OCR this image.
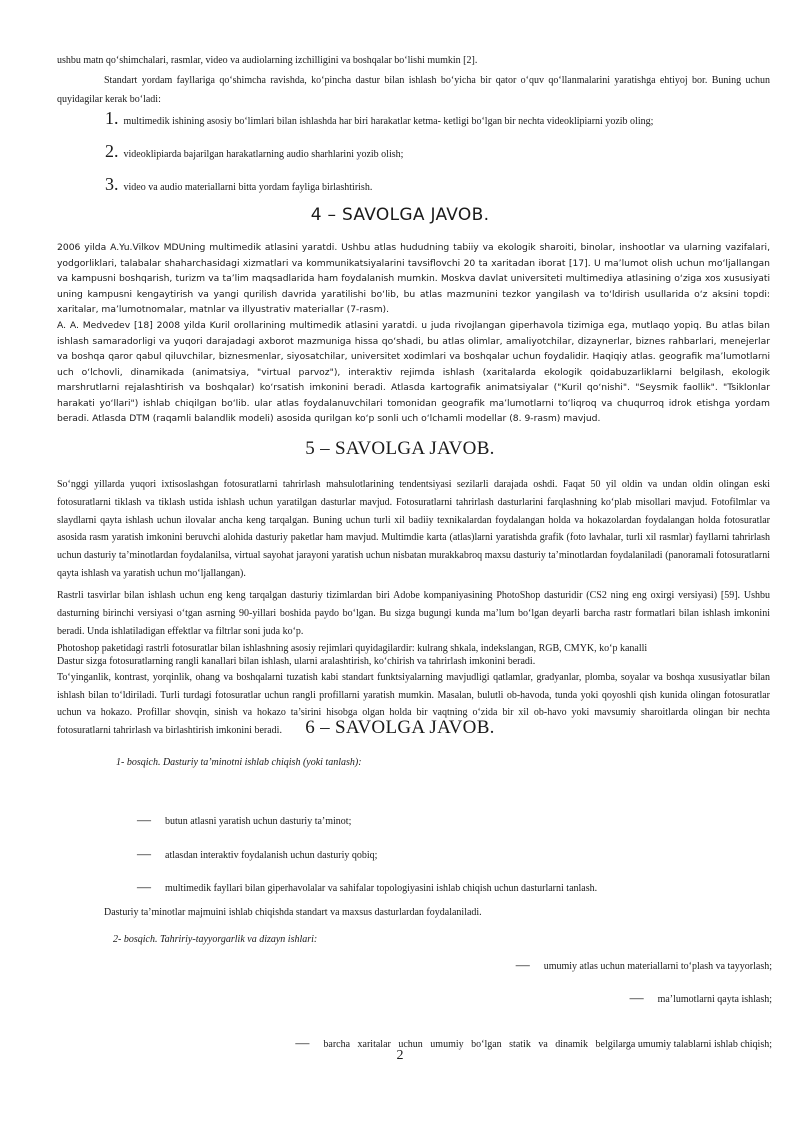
ushbu matn qo‘shimchalari, rasmlar, video va audiolarning izchilligini va boshqalar bo‘lishi mumkin [2].
Standart yordam fayllariga qo‘shimcha ravishda, ko‘pincha dastur bilan ishlash bo‘yicha bir qator o‘quv qo‘llanmalarini yaratishga ehtiyoj bor. Buning uchun quyidagilar kerak bo‘ladi:
1. multimedik ishining asosiy bo‘limlari bilan ishlashda har biri harakatlar ketma- ketligi bo‘lgan bir nechta videoklipiarni yozib oling;
2. videoklipiarda bajarilgan harakatlarning audio sharhlarini yozib olish;
3. video va audio materiallarni bitta yordam fayliga birlashtirish.
4 – SAVOLGA JAVOB.
2006 yilda A.Yu.Vilkov MDUning multimedik atlasini yaratdi. Ushbu atlas hududning tabiiy va ekologik sharoiti, binolar, inshootlar va ularning vazifalari, yodgorliklari, talabalar shaharchasidagi xizmatlari va kommunikatsiyalarini tavsiflovchi 20 ta xaritadan iborat [17]. U ma’lumot olish uchun mo‘ljallangan va kampusni boshqarish, turizm va ta’lim maqsadlarida ham foydalanish mumkin. Moskva davlat universiteti multimediya atlasining o‘ziga xos xususiyati uning kampusni kengaytirish va yangi qurilish davrida yaratilishi bo‘lib, bu atlas mazmunini tezkor yangilash va to‘ldirish usullarida o‘z aksini topdi: xaritalar, ma’lumotnomalar, matnlar va illyustrativ materiallar (7-rasm).
A. A. Medvedev [18] 2008 yilda Kuril orollarining multimedik atlasini yaratdi. u juda rivojlangan giperhavola tizimiga ega, mutlaqo yopiq. Bu atlas bilan ishlash samaradorligi va yuqori darajadagi axborot mazmuniga hissa qo‘shadi, bu atlas olimlar, amaliyotchilar, dizaynerlar, biznes rahbarlari, menejerlar va boshqa qaror qabul qiluvchilar, biznesmenlar, siyosatchilar, universitet xodimlari va boshqalar uchun foydalidir. Haqiqiy atlas. geografik ma’lumotlarni uch o‘lchovli, dinamikada (animatsiya, "virtual parvoz"), interaktiv rejimda ishlash (xaritalarda ekologik qoidabuzarliklarni belgilash, ekologik marshrutlarni rejalashtirish va boshqalar) ko‘rsatish imkonini beradi. Atlasda kartografik animatsiyalar ("Kuril qo‘nishi". "Seysmik faollik". "Tsiklonlar harakati yo‘llari") ishlab chiqilgan bo‘lib. ular atlas foydalanuvchilari tomonidan geografik ma’lumotlarni to‘liqroq va chuqurroq idrok etishga yordam beradi. Atlasda DTM (raqamli balandlik modeli) asosida qurilgan ko‘p sonli uch o‘lchamli modellar (8. 9-rasm) mavjud.
5 – SAVOLGA JAVOB.
So‘nggi yillarda yuqori ixtisoslashgan fotosuratlarni tahrirlash mahsulotlarining tendentsiyasi sezilarli darajada oshdi. Faqat 50 yil oldin va undan oldin olingan eski fotosuratlarni tiklash va tiklash ustida ishlash uchun yaratilgan dasturlar mavjud. Fotosuratlarni tahrirlash dasturlarini farqlashning ko‘plab misollari mavjud. Fotofilmlar va slaydlarni qayta ishlash uchun ilovalar ancha keng tarqalgan. Buning uchun turli xil badiiy texnikalardan foydalangan holda va hokazolardan foydalangan holda fotosuratlar asosida rasm yaratish imkonini beruvchi alohida dasturiy paketlar ham mavjud. Multimdie karta (atlas)larni yaratishda grafik (foto lavhalar, turli xil rasmlar) fayllarni tahrirlash uchun dasturiy ta’minotlardan foydalanilsa, virtual sayohat jarayoni yaratish uchun nisbatan murakkabroq maxsu dasturiy ta’minotlardan foydalaniladi (panoramali fotosuratlarni qayta ishlash va yaratish uchun mo‘ljallangan).
Rastrli tasvirlar bilan ishlash uchun eng keng tarqalgan dasturiy tizimlardan biri Adobe kompaniyasining PhotoShop dasturidir (CS2 ning eng oxirgi versiyasi) [59]. Ushbu dasturning birinchi versiyasi o‘tgan asrning 90-yillari boshida paydo bo‘lgan. Bu sizga bugungi kunda ma’lum bo‘lgan deyarli barcha rastr formatlari bilan ishlash imkonini beradi. Unda ishlatiladigan effektlar va filtrlar soni juda ko‘p.
Photoshop paketidagi rastrli fotosuratlar bilan ishlashning asosiy rejimlari quyidagilardir: kulrang shkala, indekslangan, RGB, CMYK, ko‘p kanalli
Dastur sizga fotosuratlarning rangli kanallari bilan ishlash, ularni aralashtirish, ko‘chirish va tahrirlash imkonini beradi.
To‘yinganlik, kontrast, yorqinlik, ohang va boshqalarni tuzatish kabi standart funktsiyalarning mavjudligi qatlamlar, gradyanlar, plomba, soyalar va boshqa xususiyatlar bilan ishlash bilan to‘ldiriladi. Turli turdagi fotosuratlar uchun rangli profillarni yaratish mumkin. Masalan, bulutli ob-havoda, tunda yoki qoyoshli qish kunida olingan fotosuratlar uchun va hokazo. Profillar shovqin, sinish va hokazo ta’sirini hisobga olgan holda bir vaqtning o‘zida bir xil ob-havo yoki mavsumiy sharoitlarda olingan bir nechta fotosuratlarni tahrirlash va birlashtirish imkonini beradi.	6 – SAVOLGA JAVOB.
1- bosqich. Dasturiy ta’minotni ishlab chiqish (yoki tanlash):
— butun atlasni yaratish uchun dasturiy ta’minot;
— atlasdan interaktiv foydalanish uchun dasturiy qobiq;
— multimedik fayllari bilan giperhavolalar va sahifalar topologiyasini ishlab chiqish uchun dasturlarni tanlash.
Dasturiy ta’minotlar majmuini ishlab chiqishda standart va maxsus dasturlardan foydalaniladi.
2- bosqich. Tahririy-tayyorgarlik va dizayn ishlari:
— umumiy atlas uchun materiallarni to‘plash va tayyorlash;
— ma’lumotlarni qayta ishlash;

— barcha   xaritalar   uchun   umumiy   bo‘lgan   statik   va   dinamik   belgilarga umumiy talablarni ishlab chiqish;

2
